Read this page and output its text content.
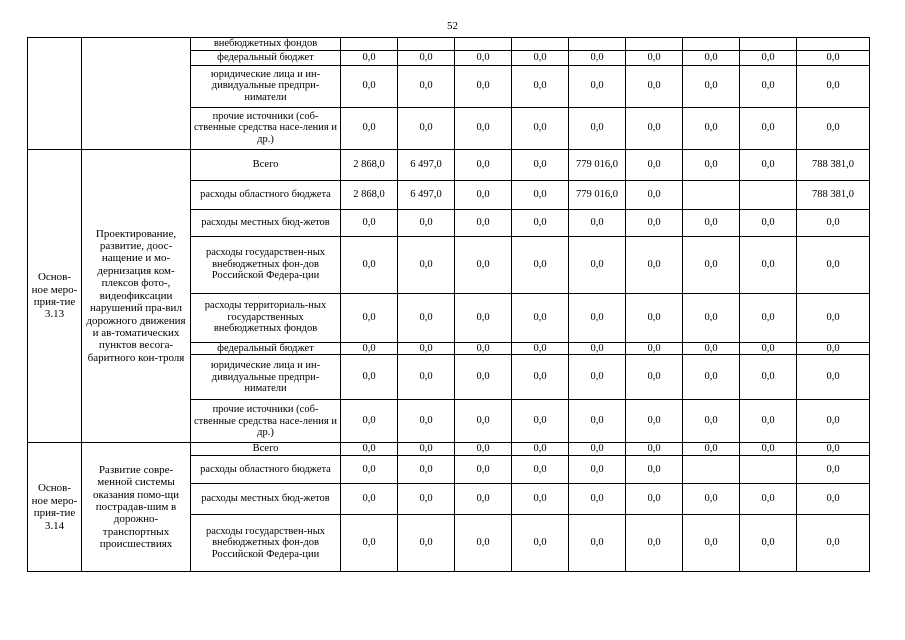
52
		внебюджетных фондов									
		федеральный бюджет	0,0	0,0	0,0	0,0	0,0	0,0	0,0	0,0	0,0
		юридические лица и ин-дивидуальные предпри-ниматели	0,0	0,0	0,0	0,0	0,0	0,0	0,0	0,0	0,0
		прочие источники (соб-ственные средства насе-ления и др.)	0,0	0,0	0,0	0,0	0,0	0,0	0,0	0,0	0,0
Основ-ное меро-прия-тие 3.13	Проектирование, развитие, доос-нащение и мо-дернизация ком-плексов фото-, видеофиксации нарушений пра-вил дорожного движения и ав-томатических пунктов весога-баритного кон-троля	Всего	2 868,0	6 497,0	0,0	0,0	779 016,0	0,0	0,0	0,0	788 381,0
		расходы областного бюджета	2 868,0	6 497,0	0,0	0,0	779 016,0	0,0			788 381,0
		расходы местных бюд-жетов	0,0	0,0	0,0	0,0	0,0	0,0	0,0	0,0	0,0
		расходы государствен-ных внебюджетных фон-дов Российской Федера-ции	0,0	0,0	0,0	0,0	0,0	0,0	0,0	0,0	0,0
		расходы территориаль-ных государственных внебюджетных фондов	0,0	0,0	0,0	0,0	0,0	0,0	0,0	0,0	0,0
		федеральный бюджет	0,0	0,0	0,0	0,0	0,0	0,0	0,0	0,0	0,0
		юридические лица и ин-дивидуальные предпри-ниматели	0,0	0,0	0,0	0,0	0,0	0,0	0,0	0,0	0,0
		прочие источники (соб-ственные средства насе-ления и др.)	0,0	0,0	0,0	0,0	0,0	0,0	0,0	0,0	0,0
Основ-ное меро-прия-тие 3.14	Развитие совре-менной системы оказания помо-щи пострадав-шим в дорожно-транспортных происшествиях	Всего	0,0	0,0	0,0	0,0	0,0	0,0	0,0	0,0	0,0
		расходы областного бюджета	0,0	0,0	0,0	0,0	0,0	0,0			0,0
		расходы местных бюд-жетов	0,0	0,0	0,0	0,0	0,0	0,0	0,0	0,0	0,0
		расходы государствен-ных внебюджетных фон-дов Российской Федера-ции	0,0	0,0	0,0	0,0	0,0	0,0	0,0	0,0	0,0
